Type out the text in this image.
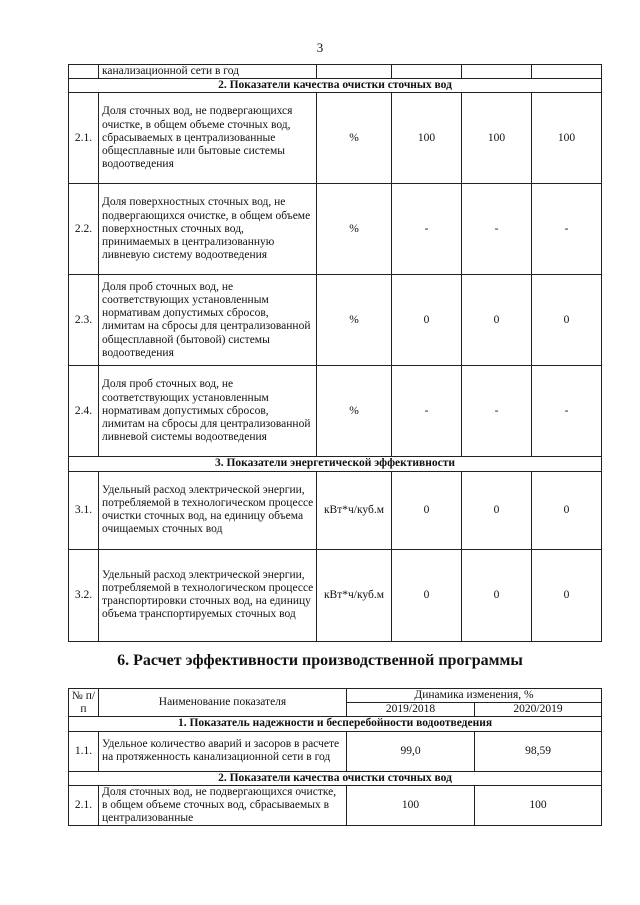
3
	канализационной сети в год				
2. Показатели качества очистки сточных вод					
2.1.	Доля сточных вод, не подвергающихся очистке, в общем объеме сточных вод, сбрасываемых в централизованные общесплавные или бытовые системы водоотведения	%	100	100	100
2.2.	Доля поверхностных сточных вод, не подвергающихся очистке, в общем объеме поверхностных сточных вод, принимаемых в централизованную ливневую систему водоотведения	%	-	-	-
2.3.	Доля проб сточных вод, не соответствующих установленным нормативам допустимых сбросов, лимитам на сбросы для централизованной общесплавной (бытовой) системы водоотведения	%	0	0	0
2.4.	Доля проб сточных вод, не соответствующих установленным нормативам допустимых сбросов, лимитам на сбросы для централизованной ливневой системы водоотведения	%	-	-	-
3. Показатели энергетической эффективности					
3.1.	Удельный расход электрической энергии, потребляемой в технологическом процессе очистки сточных вод, на единицу объема очищаемых сточных вод	кВт*ч/куб.м	0	0	0
3.2.	Удельный расход электрической энергии, потребляемой в технологическом процессе транспортировки сточных вод, на единицу объема транспортируемых сточных вод	кВт*ч/куб.м	0	0	0
6. Расчет эффективности производственной программы
№ п/п	Наименование показателя	Динамика изменения, %	
		2019/2018	2020/2019
1. Показатель надежности и бесперебойности водоотведения			
1.1.	Удельное количество аварий и засоров в расчете на протяженность канализационной сети в год	99,0	98,59
2. Показатели качества очистки сточных вод			
2.1.	Доля сточных вод, не подвергающихся очистке, в общем объеме сточных вод, сбрасываемых в централизованные	100	100
